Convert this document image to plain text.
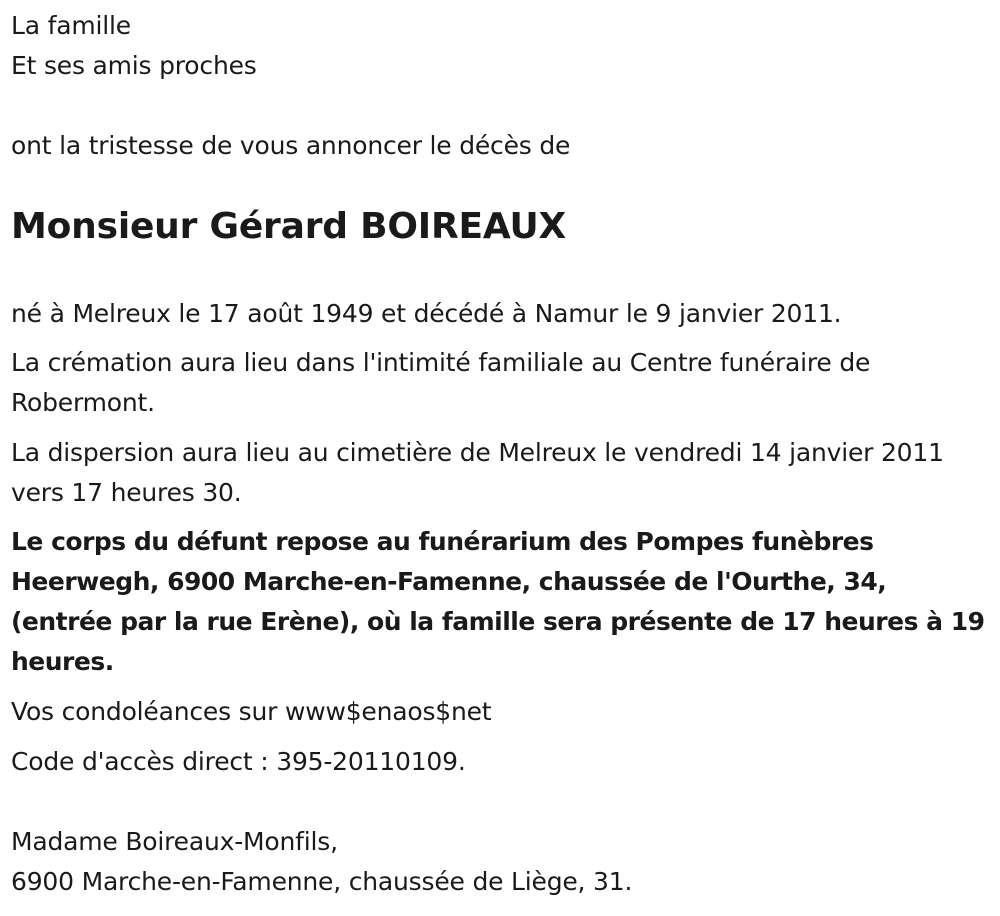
La famille
Et ses amis proches
ont la tristesse de vous annoncer le décès de
Monsieur Gérard BOIREAUX
né à Melreux le 17 août 1949 et décédé à Namur le 9 janvier 2011.
La crémation aura lieu dans l'intimité familiale au Centre funéraire de Robermont.
La dispersion aura lieu au cimetière de Melreux le vendredi 14 janvier 2011 vers 17 heures 30.
Le corps du défunt repose au funérarium des Pompes funèbres Heerwegh, 6900 Marche-en-Famenne, chaussée de l'Ourthe, 34, (entrée par la rue Erène), où la famille sera présente de 17 heures à 19 heures.
Vos condoléances sur www$enaos$net
Code d'accès direct : 395-20110109.
Madame Boireaux-Monfils,
6900 Marche-en-Famenne, chaussée de Liège, 31.
